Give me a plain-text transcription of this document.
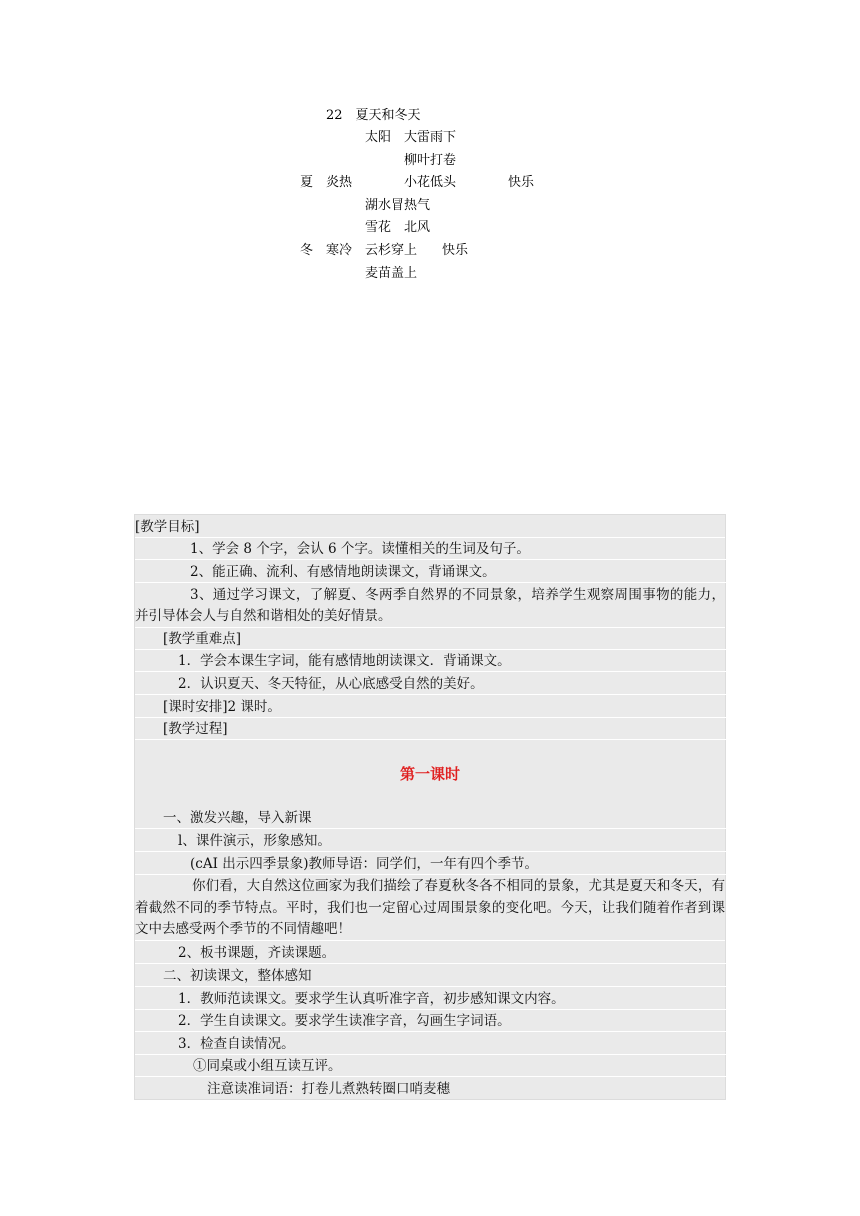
22　夏天和冬天
太阳 大雷雨下
柳叶打卷
夏 炎热	小花低头	快乐
湖水冒热气
雪花 北风
冬 寒冷 云杉穿上 快乐
麦苗盖上
[教学目标]
1、学会 8 个字，会认 6 个字。读懂相关的生词及句子。
2、能正确、流利、有感情地朗读课文，背诵课文。
3、通过学习课文，了解夏、冬两季自然界的不同景象，培养学生观察周围事物的能力，并引导体会人与自然和谐相处的美好情景。
[教学重难点]
1．学会本课生字词，能有感情地朗读课文．背诵课文。
2．认识夏天、冬天特征，从心底感受自然的美好。
[课时安排]2 课时。
[教学过程]
第一课时
一、激发兴趣，导入新课
l、课件演示，形象感知。
(cAI 出示四季景象)教师导语：同学们，一年有四个季节。
你们看，大自然这位画家为我们描绘了春夏秋冬各不相同的景象，尤其是夏天和冬天，有着截然不同的季节特点。平时，我们也一定留心过周围景象的变化吧。今天，让我们随着作者到课文中去感受两个季节的不同情趣吧！
2、板书课题，齐读课题。
二、初读课文，整体感知
1．教师范读课文。要求学生认真听准字音，初步感知课文内容。
2．学生自读课文。要求学生读准字音，勾画生字词语。
3．检查自读情况。
①同桌或小组互读互评。
注意读准词语：打卷儿煮熟转圈口哨麦穗
